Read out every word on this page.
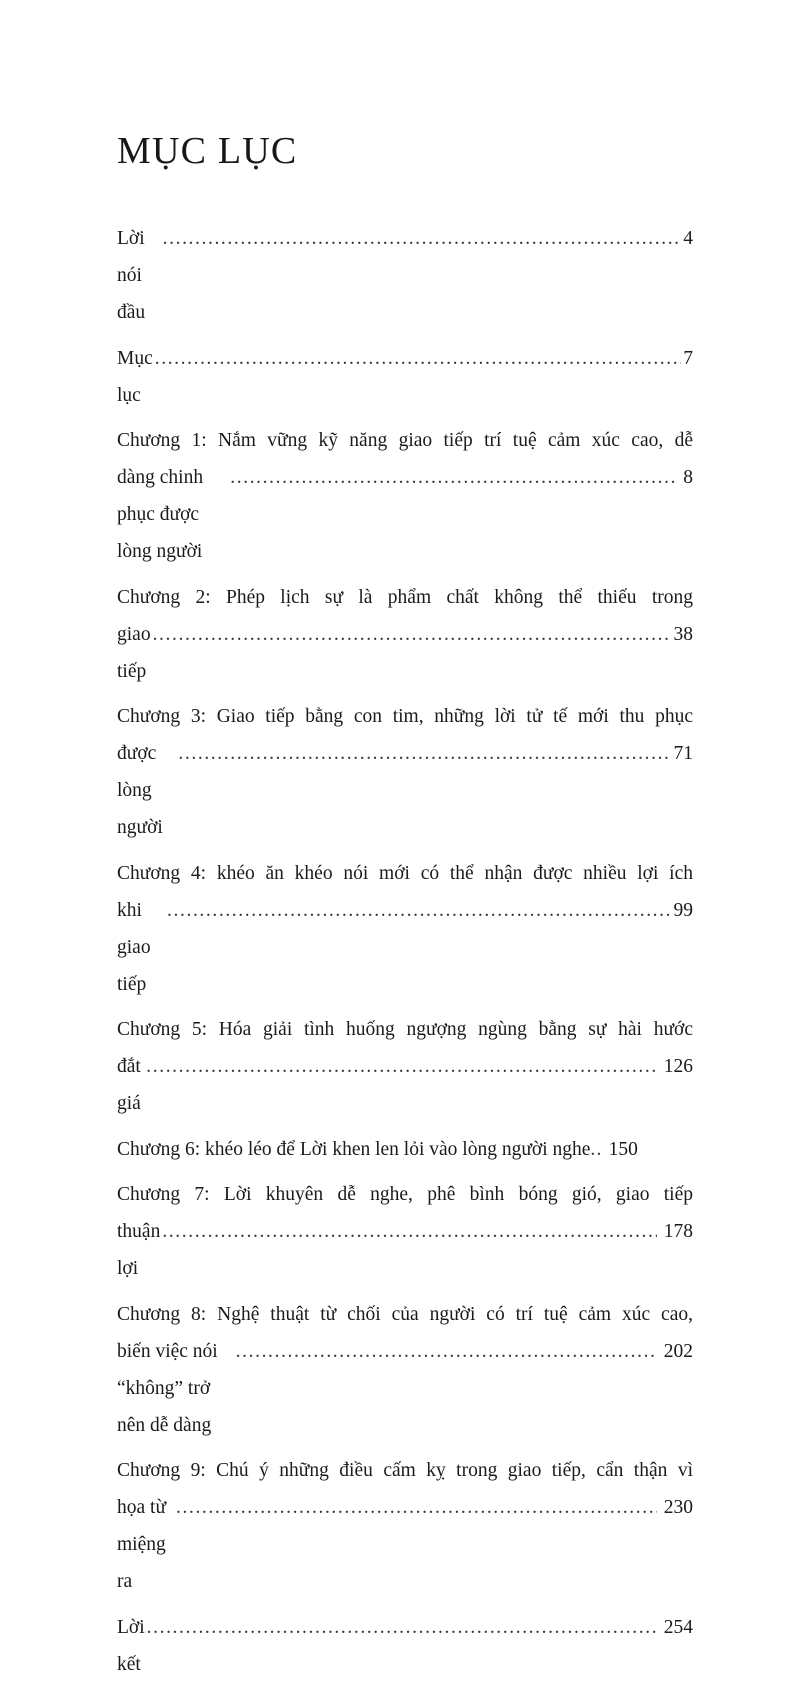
MỤC LỤC
Lời nói đầu
.....
4
Mục lục
.....
7
Chương 1: Nắm vững kỹ năng giao tiếp trí tuệ cảm xúc cao, dễ
dàng chinh phục được lòng người
.....
8
Chương 2: Phép lịch sự là phẩm chất không thể thiếu trong
giao tiếp
.....
38
Chương 3: Giao tiếp bằng con tim, những lời tử tế mới thu phục
được lòng người
.....
71
Chương 4: khéo ăn khéo nói mới có thể nhận được nhiều lợi ích
khi giao tiếp
.....
99
Chương 5: Hóa giải tình huống ngượng ngùng bằng sự hài hước
đắt giá
.....
126
Chương 6: khéo léo để Lời khen len lỏi vào lòng người nghe .. 150
Chương 7: Lời khuyên dễ nghe, phê bình bóng gió, giao tiếp
thuận lợi
.....
178
Chương 8: Nghệ thuật từ chối của người có trí tuệ cảm xúc cao,
biến việc nói “không” trở nên dễ dàng
.....
202
Chương 9: Chú ý những điều cấm kỵ trong giao tiếp, cẩn thận vì
họa từ miệng ra
.....
230
Lời kết
.....
254
